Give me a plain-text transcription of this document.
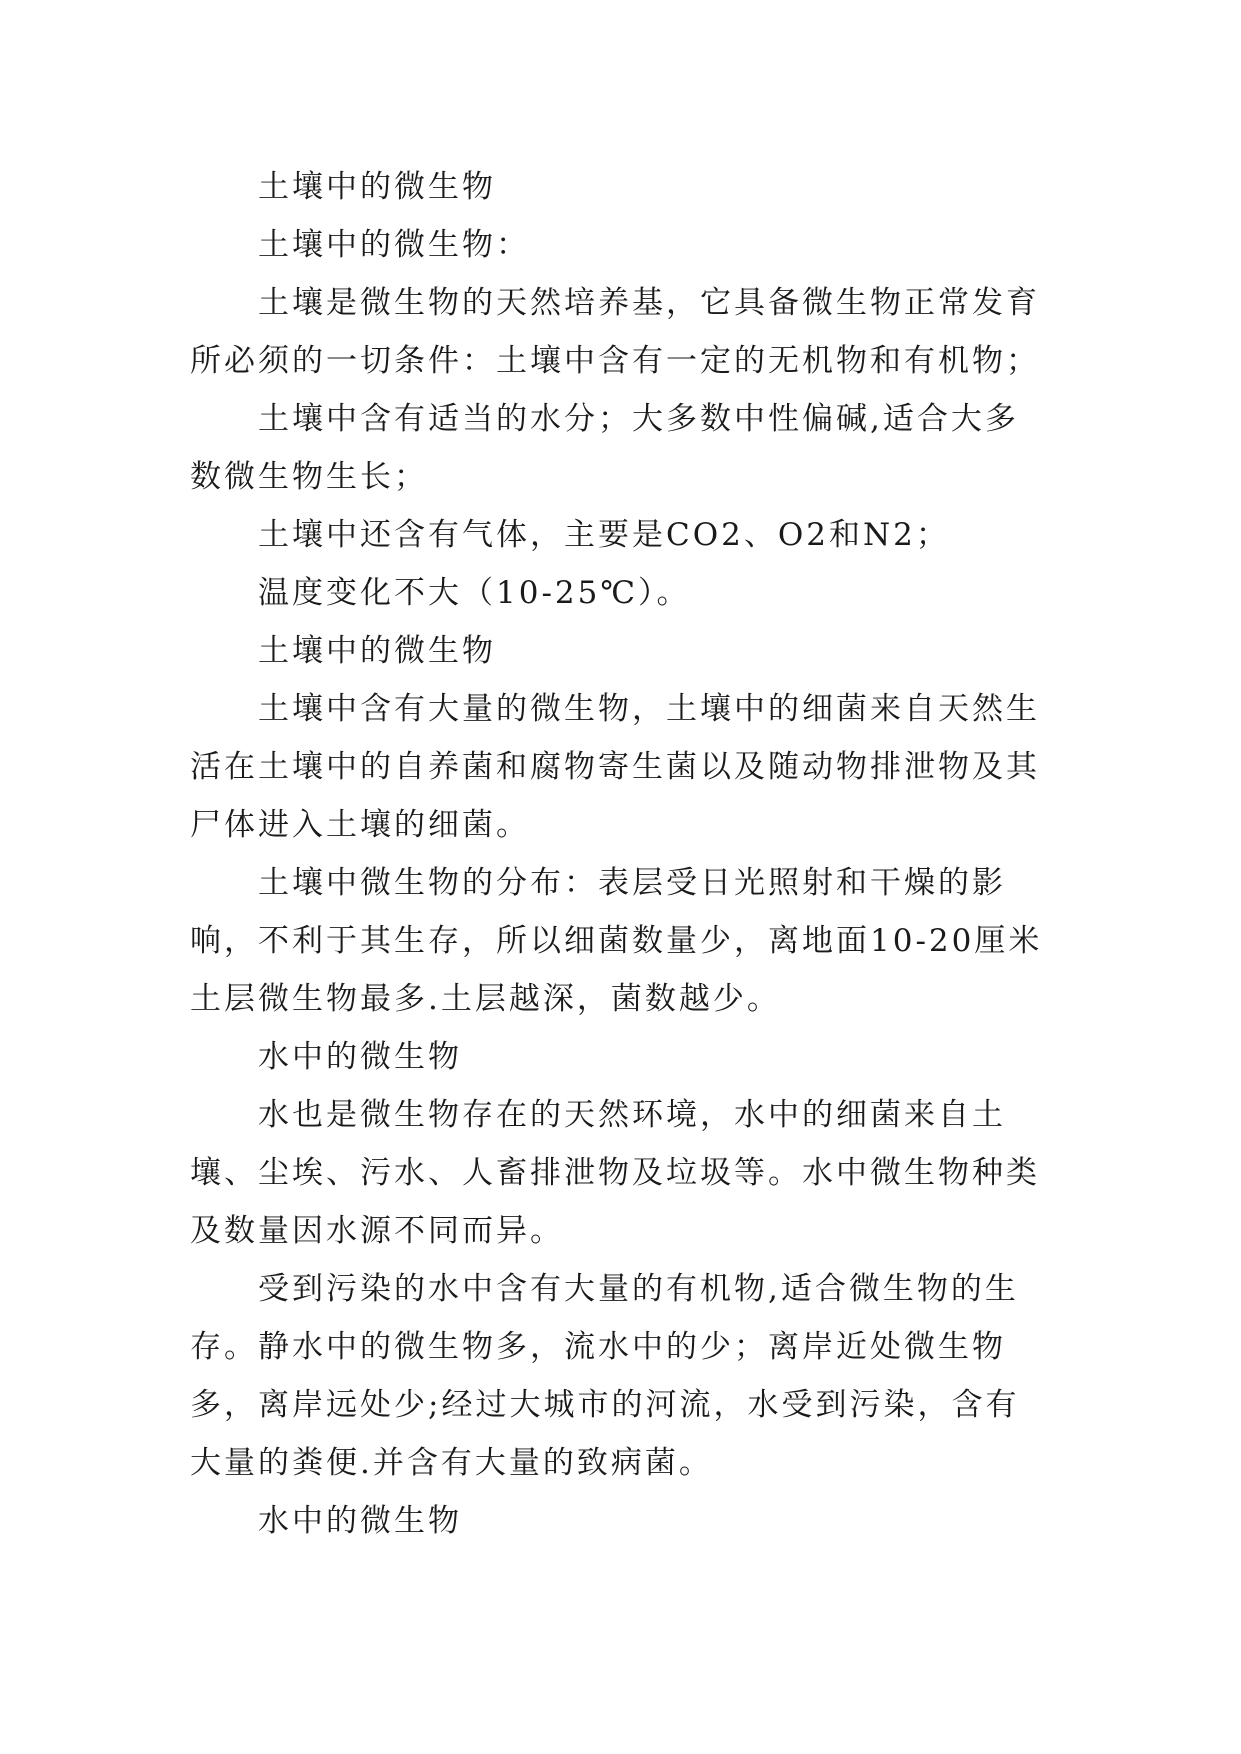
土壤中的微生物

土壤中的微生物：

土壤是微生物的天然培养基，它具备微生物正常发育所必须的一切条件：土壤中含有一定的无机物和有机物；

土壤中含有适当的水分；大多数中性偏碱,适合大多数微生物生长；

土壤中还含有气体，主要是CO2、O2和N2；

温度变化不大（10-25℃）。

土壤中的微生物

土壤中含有大量的微生物，土壤中的细菌来自天然生活在土壤中的自养菌和腐物寄生菌以及随动物排泄物及其尸体进入土壤的细菌。

土壤中微生物的分布：表层受日光照射和干燥的影响，不利于其生存，所以细菌数量少，离地面10-20厘米土层微生物最多.土层越深，菌数越少。

水中的微生物

水也是微生物存在的天然环境，水中的细菌来自土壤、尘埃、污水、人畜排泄物及垃圾等。水中微生物种类及数量因水源不同而异。

受到污染的水中含有大量的有机物,适合微生物的生存。静水中的微生物多，流水中的少；离岸近处微生物多，离岸远处少;经过大城市的河流，水受到污染，含有大量的粪便.并含有大量的致病菌。

水中的微生物
